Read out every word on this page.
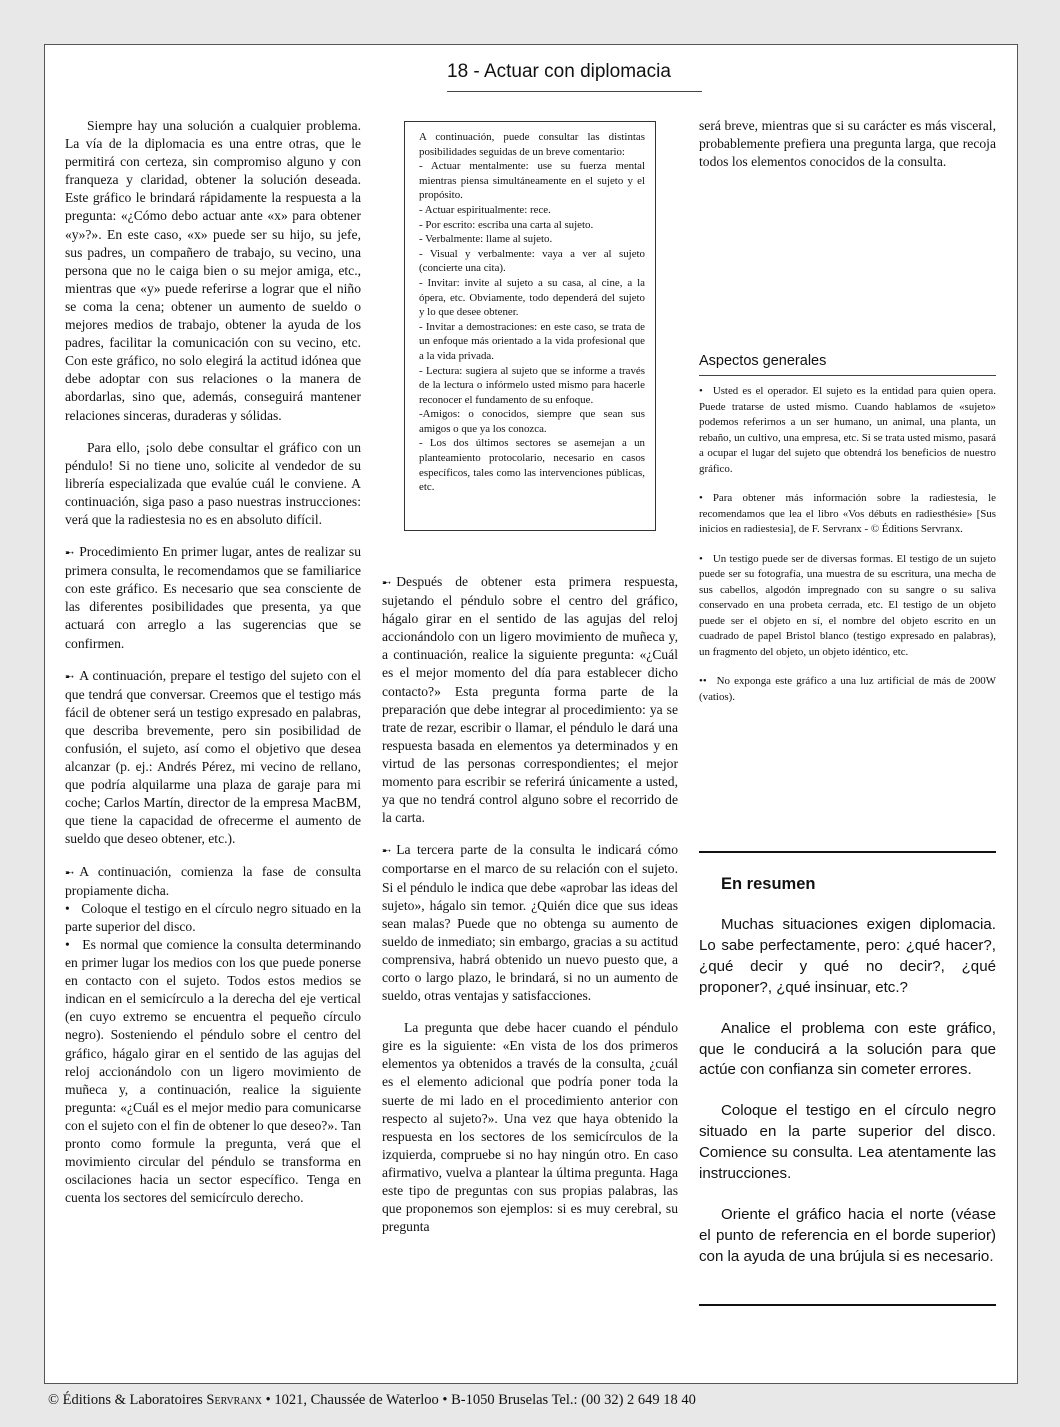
18 - Actuar con diplomacia

Siempre hay una solución a cualquier problema. La vía de la diplomacia es una entre otras, que le permitirá con certeza, sin compromiso alguno y con franqueza y claridad, obtener la solución deseada. Este gráfico le brindará rápidamente la respuesta a la pregunta: «¿Cómo debo actuar ante «x» para obtener «y»?». En este caso, «x» puede ser su hijo, su jefe, sus padres, un compañero de trabajo, su vecino, una persona que no le caiga bien o su mejor amiga, etc., mientras que «y» puede referirse a lograr que el niño se coma la cena; obtener un aumento de sueldo o mejores medios de trabajo, obtener la ayuda de los padres, facilitar la comunicación con su vecino, etc. Con este gráfico, no solo elegirá la actitud idónea que debe adoptar con sus relaciones o la manera de abordarlas, sino que, además, conseguirá mantener relaciones sinceras, duraderas y sólidas.

Para ello, ¡solo debe consultar el gráfico con un péndulo! Si no tiene uno, solicite al vendedor de su librería especializada que evalúe cuál le conviene. A continuación, siga paso a paso nuestras instrucciones: verá que la radiestesia no es en absoluto difícil.

➸ Procedimiento En primer lugar, antes de realizar su primera consulta, le recomendamos que se familiarice con este gráfico. Es necesario que sea consciente de las diferentes posibilidades que presenta, ya que actuará con arreglo a las sugerencias que se confirmen.

➸ A continuación, prepare el testigo del sujeto con el que tendrá que conversar. Creemos que el testigo más fácil de obtener será un testigo expresado en palabras, que describa brevemente, pero sin posibilidad de confusión, el sujeto, así como el objetivo que desea alcanzar (p. ej.: Andrés Pérez, mi vecino de rellano, que podría alquilarme una plaza de garaje para mi coche; Carlos Martín, director de la empresa MacBM, que tiene la capacidad de ofrecerme el aumento de sueldo que deseo obtener, etc.).

➸ A continuación, comienza la fase de consulta propiamente dicha.

• Coloque el testigo en el círculo negro situado en la parte superior del disco.

• Es normal que comience la consulta determinando en primer lugar los medios con los que puede ponerse en contacto con el sujeto. Todos estos medios se indican en el semicírculo a la derecha del eje vertical (en cuyo extremo se encuentra el pequeño círculo negro). Sosteniendo el péndulo sobre el centro del gráfico, hágalo girar en el sentido de las agujas del reloj accionándolo con un ligero movimiento de muñeca y, a continuación, realice la siguiente pregunta: «¿Cuál es el mejor medio para comunicarse con el sujeto con el fin de obtener lo que deseo?». Tan pronto como formule la pregunta, verá que el movimiento circular del péndulo se transforma en oscilaciones hacia un sector específico. Tenga en cuenta los sectores del semicírculo derecho.

A continuación, puede consultar las distintas posibilidades seguidas de un breve comentario:
- Actuar mentalmente: use su fuerza mental mientras piensa simultáneamente en el sujeto y el propósito.
- Actuar espiritualmente: rece.
- Por escrito: escriba una carta al sujeto.
- Verbalmente: llame al sujeto.
- Visual y verbalmente: vaya a ver al sujeto (concierte una cita).
- Invitar: invite al sujeto a su casa, al cine, a la ópera, etc. Obviamente, todo dependerá del sujeto y lo que desee obtener.
- Invitar a demostraciones: en este caso, se trata de un enfoque más orientado a la vida profesional que a la vida privada.
- Lectura: sugiera al sujeto que se informe a través de la lectura o infórmelo usted mismo para hacerle reconocer el fundamento de su enfoque.
-Amigos: o conocidos, siempre que sean sus amigos o que ya los conozca.
- Los dos últimos sectores se asemejan a un planteamiento protocolario, necesario en casos específicos, tales como las intervenciones públicas, etc.

➸ Después de obtener esta primera respuesta, sujetando el péndulo sobre el centro del gráfico, hágalo girar en el sentido de las agujas del reloj accionándolo con un ligero movimiento de muñeca y, a continuación, realice la siguiente pregunta: «¿Cuál es el mejor momento del día para establecer dicho contacto?» Esta pregunta forma parte de la preparación que debe integrar al procedimiento: ya se trate de rezar, escribir o llamar, el péndulo le dará una respuesta basada en elementos ya determinados y en virtud de las personas correspondientes; el mejor momento para escribir se referirá únicamente a usted, ya que no tendrá control alguno sobre el recorrido de la carta.

➸ La tercera parte de la consulta le indicará cómo comportarse en el marco de su relación con el sujeto. Si el péndulo le indica que debe «aprobar las ideas del sujeto», hágalo sin temor. ¿Quién dice que sus ideas sean malas? Puede que no obtenga su aumento de sueldo de inmediato; sin embargo, gracias a su actitud comprensiva, habrá obtenido un nuevo puesto que, a corto o largo plazo, le brindará, si no un aumento de sueldo, otras ventajas y satisfacciones.

La pregunta que debe hacer cuando el péndulo gire es la siguiente: «En vista de los dos primeros elementos ya obtenidos a través de la consulta, ¿cuál es el elemento adicional que podría poner toda la suerte de mi lado en el procedimiento anterior con respecto al sujeto?». Una vez que haya obtenido la respuesta en los sectores de los semicírculos de la izquierda, compruebe si no hay ningún otro. En caso afirmativo, vuelva a plantear la última pregunta. Haga este tipo de preguntas con sus propias palabras, las que proponemos son ejemplos: si es muy cerebral, su pregunta

será breve, mientras que si su carácter es más visceral, probablemente prefiera una pregunta larga, que recoja todos los elementos conocidos de la consulta.

Aspectos generales
• Usted es el operador. El sujeto es la entidad para quien opera. Puede tratarse de usted mismo. Cuando hablamos de «sujeto» podemos referirnos a un ser humano, un animal, una planta, un rebaño, un cultivo, una empresa, etc. Si se trata usted mismo, pasará a ocupar el lugar del sujeto que obtendrá los beneficios de nuestro gráfico.
• Para obtener más información sobre la radiestesia, le recomendamos que lea el libro «Vos débuts en radiesthésie» [Sus inicios en radiestesia], de F. Servranx - © Éditions Servranx.
• Un testigo puede ser de diversas formas. El testigo de un sujeto puede ser su fotografía, una muestra de su escritura, una mecha de sus cabellos, algodón impregnado con su sangre o su saliva conservado en una probeta cerrada, etc. El testigo de un objeto puede ser el objeto en sí, el nombre del objeto escrito en un cuadrado de papel Bristol blanco (testigo expresado en palabras), un fragmento del objeto, un objeto idéntico, etc.
•• No exponga este gráfico a una luz artificial de más de 200W (vatios).
En resumen

Muchas situaciones exigen diplomacia. Lo sabe perfectamente, pero: ¿qué hacer?, ¿qué decir y qué no decir?, ¿qué proponer?, ¿qué insinuar, etc.?

Analice el problema con este gráfico, que le conducirá a la solución para que actúe con confianza sin cometer errores.

Coloque el testigo en el círculo negro situado en la parte superior del disco. Comience su consulta. Lea atentamente las instrucciones.

Oriente el gráfico hacia el norte (véase el punto de referencia en el borde superior) con la ayuda de una brújula si es necesario.

© Éditions & Laboratoires Servranx • 1021, Chaussée de Waterloo • B-1050 Bruselas Tel.: (00 32) 2 649 18 40
